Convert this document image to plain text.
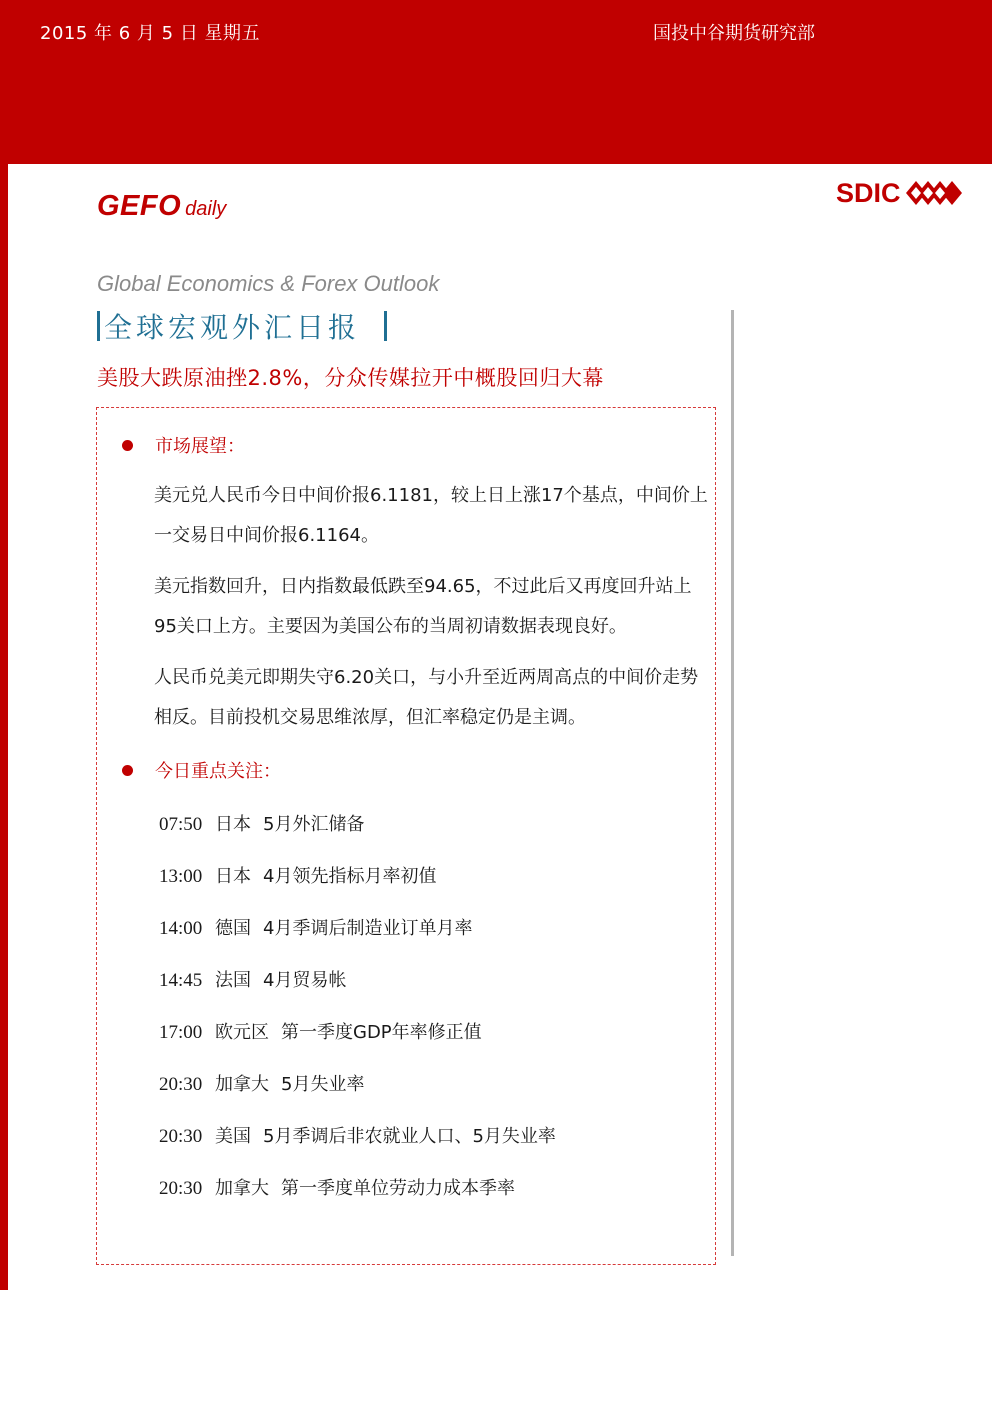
2015 年 6 月 5 日 星期五	国投中谷期货研究部
GEFO daily
SDIC
Global Economics & Forex Outlook
全球宏观外汇日报
美股大跌原油挫2.8%，分众传媒拉开中概股回归大幕
市场展望：
美元兑人民币今日中间价报6.1181，较上日上涨17个基点，中间价上一交易日中间价报6.1164。
美元指数回升，日内指数最低跌至94.65，不过此后又再度回升站上95关口上方。主要因为美国公布的当周初请数据表现良好。
人民币兑美元即期失守6.20关口，与小升至近两周高点的中间价走势相反。目前投机交易思维浓厚，但汇率稳定仍是主调。
今日重点关注：
07:50 日本 5月外汇储备
13:00 日本 4月领先指标月率初值
14:00 德国 4月季调后制造业订单月率
14:45 法国 4月贸易帐
17:00 欧元区 第一季度GDP年率修正值
20:30 加拿大 5月失业率
20:30 美国 5月季调后非农就业人口、5月失业率
20:30 加拿大 第一季度单位劳动力成本季率
